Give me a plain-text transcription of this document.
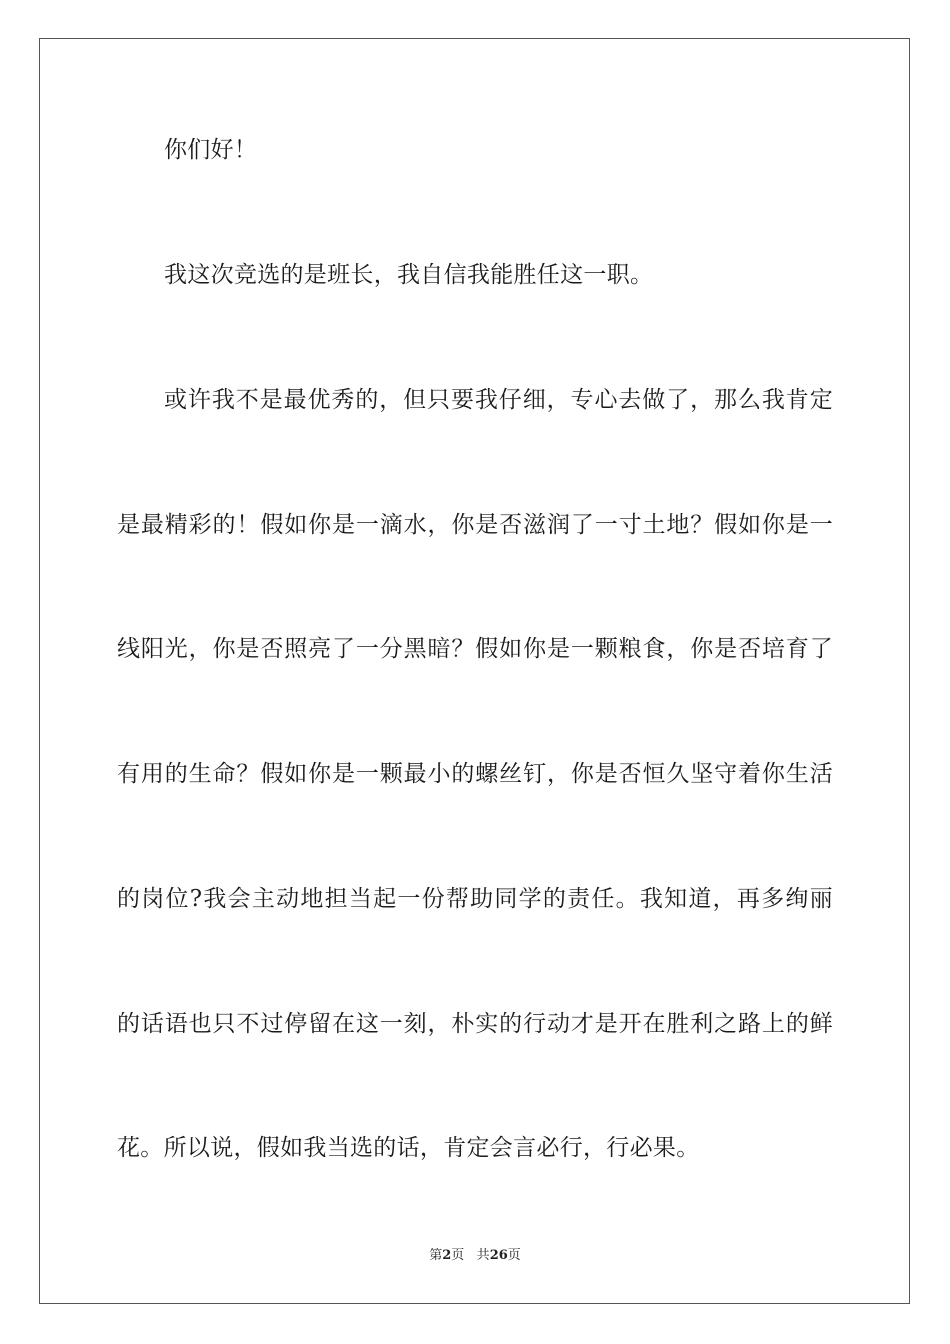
你们好！
我这次竞选的是班长，我自信我能胜任这一职。
或许我不是最优秀的，但只要我仔细，专心去做了，那么我肯定
是最精彩的！假如你是一滴水，你是否滋润了一寸土地？假如你是一
线阳光，你是否照亮了一分黑暗？假如你是一颗粮食，你是否培育了
有用的生命？假如你是一颗最小的螺丝钉，你是否恒久坚守着你生活
的岗位?我会主动地担当起一份帮助同学的责任。我知道，再多绚丽
的话语也只不过停留在这一刻，朴实的行动才是开在胜利之路上的鲜
花。所以说，假如我当选的话，肯定会言必行，行必果。
第2页 共26页
